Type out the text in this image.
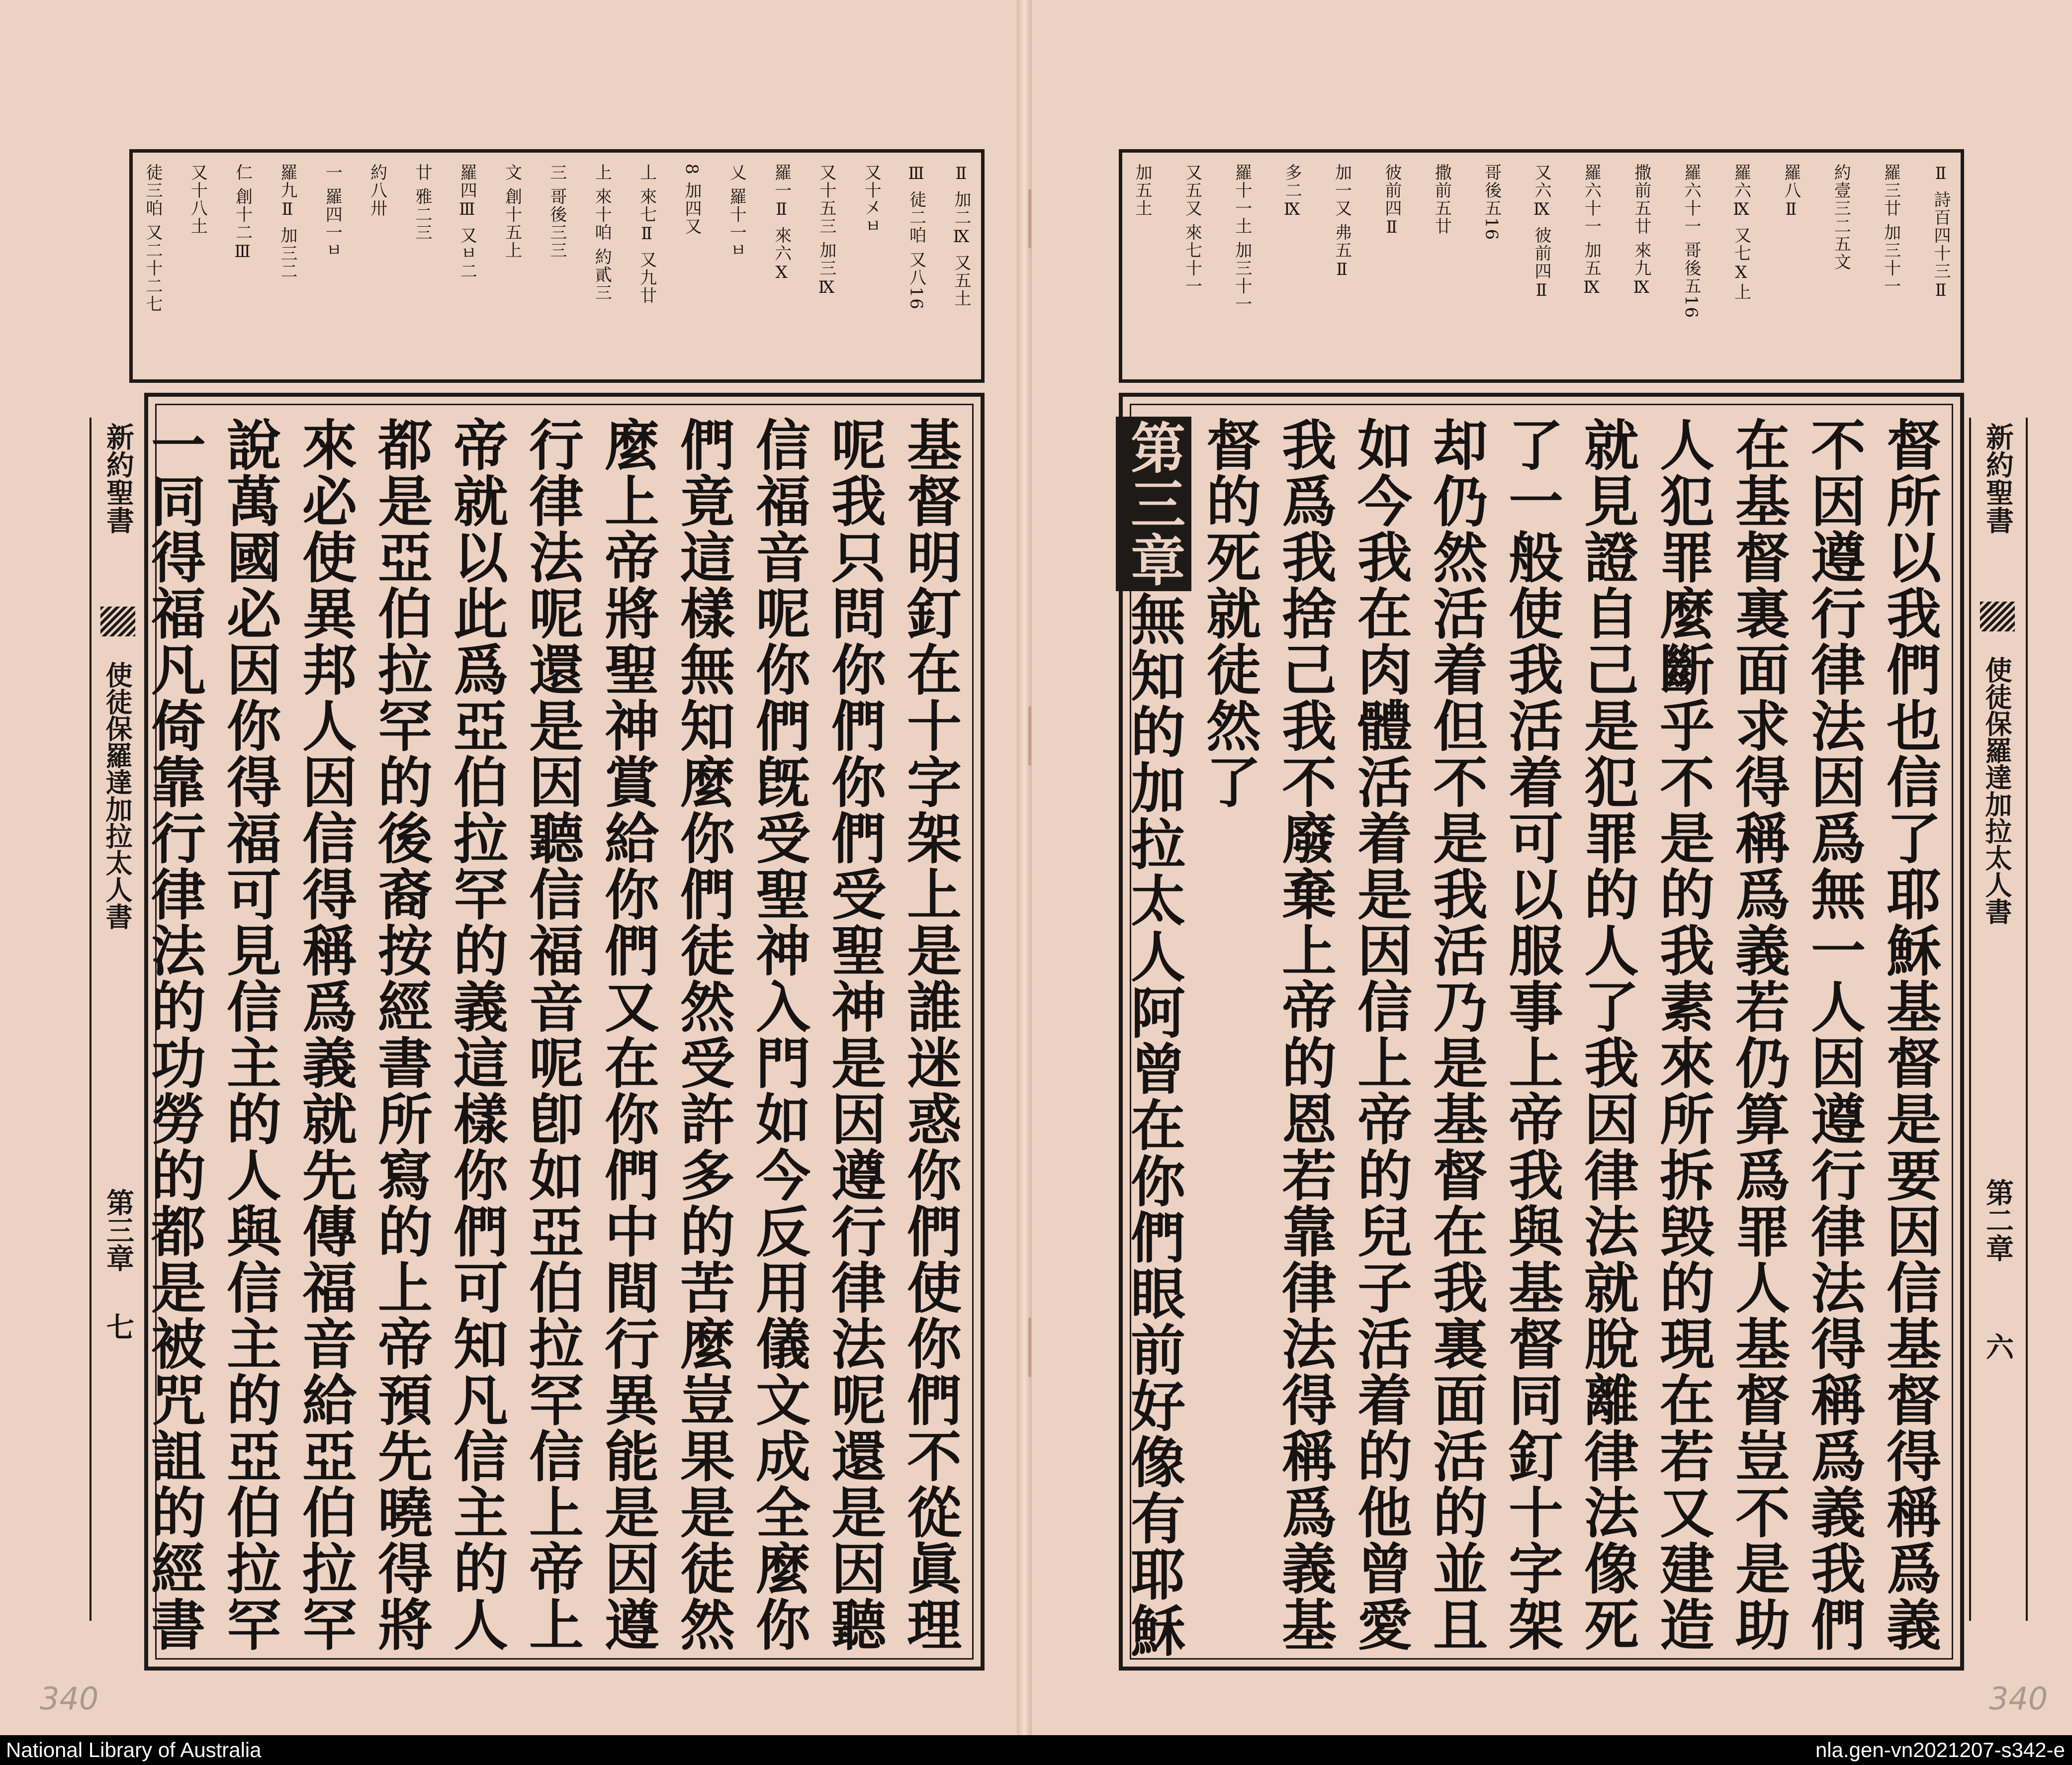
Ⅱ 加二Ⅸ 又五土
Ⅲ 徒二㕷 又八16
又十㐅ㅂ
又十五三 加三Ⅸ
羅一Ⅱ 來六Ⅹ
乂 羅十一ㅂ
8 加四又
丄 來七Ⅱ 又九廿
上 來十㕷 約貳三
三 哥後三三
文 創十五上
羅四Ⅲ 又ㅂ二
廿 雅二三
約八卅
一 羅四一ㅂ
羅九Ⅱ 加三二
仁 創十二Ⅲ
又十八土
徒三㕷 又二十二七
新約聖書
使徒保羅達加拉太人書
第三章
七	基督明釘在十字架上是誰迷惑你們使你們不從眞理
呢我只問你們你們受聖神是因遵行律法呢還是因聽
信福音呢你們旣受聖神入門如今反用儀文成全麼你
們竟這樣無知麼你們徒然受許多的苦麼豈果是徒然
麼上帝將聖神賞給你們又在你們中間行異能是因遵
行律法呢還是因聽信福音呢卽如亞伯拉罕信上帝上
帝就以此爲亞伯拉罕的義這樣你們可知凡信主的人
都是亞伯拉罕的後裔按經書所寫的上帝預先曉得將
來必使異邦人因信得稱爲義就先傳福音給亞伯拉罕
說萬國必因你得福可見信主的人與信主的亞伯拉罕
一同得福凡倚靠行律法的功勞的都是被咒詛的經書
340
Ⅱ 詩百四十三Ⅱ
羅三廿 加三十一
約壹三二五文
羅八Ⅱ
羅六Ⅸ 又七Ⅹ上
羅六十一 哥後五16
撒前五廿 來九Ⅸ
羅六十一 加五Ⅸ
又六Ⅸ 彼前四Ⅱ
哥後五16
撒前五廿
彼前四Ⅱ
加一又 弗五Ⅱ
多二Ⅸ
羅十一土 加三十一
又五又 來七十一
加五土
新約聖書
使徒保羅達加拉太人書
第二章
六
督所以我們也信了耶穌基督是要因信基督得稱爲義
不因遵行律法因爲無一人因遵行律法得稱爲義我們
在基督裏面求得稱爲義若仍算爲罪人基督豈不是助
人犯罪麼斷乎不是的我素來所拆毁的現在若又建造
就見證自己是犯罪的人了我因律法就脫離律法像死
了一般使我活着可以服事上帝我與基督同釘十字架
却仍然活着但不是我活乃是基督在我裏面活的並且
如今我在肉體活着是因信上帝的兒子活着的他曾愛
我爲我捨己我不廢棄上帝的恩若靠律法得稱爲義基
督的死就徒然了
第三章無知的加拉太人阿曾在你們眼前好像有耶穌
340
National Library of Australia	nla.gen-vn2021207-s342-e
